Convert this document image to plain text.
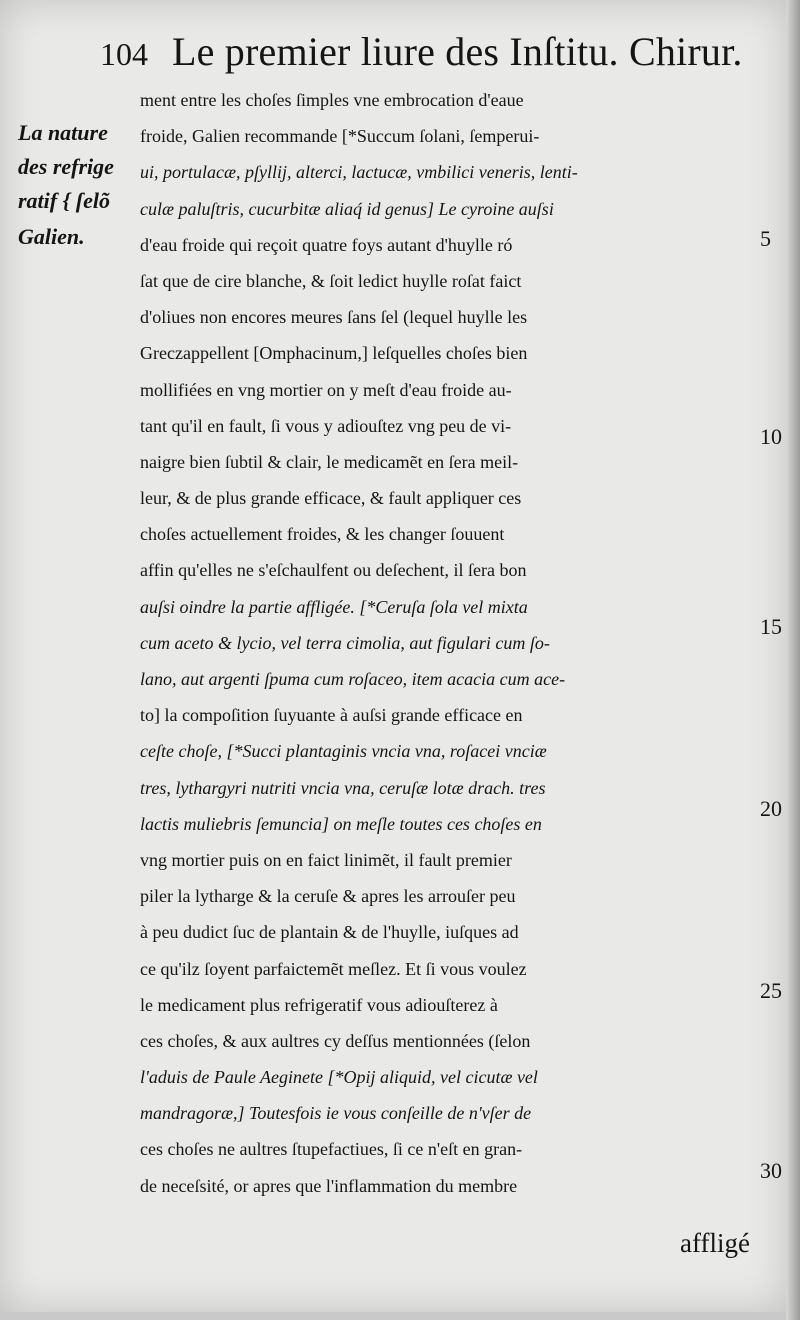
104 Le premier liure des Inſtitu. Chirur.
La nature
des refrige
ratif { ſelõ
Galien.
ment entre les choſes ſimples vne embrocation d'eaue
froide, Galien recommande [*Succum ſolani, ſemperui-
ui, portulacæ, pſyllij, alterci, lactucæ, vmbilici veneris, lenti-
culæ paluſtris, cucurbitæ aliaq́ id genus] Le cyroine auſsi
d'eau froide qui reçoit quatre foys autant d'huylle ró
ſat que de cire blanche, & ſoit ledict huylle roſat faict
d'oliues non encores meures ſans ſel (lequel huylle les
Greczappellent [Omphacinum,] leſquelles choſes bien
mollifiées en vng mortier on y meſt d'eau froide au-
tant qu'il en fault, ſi vous y adiouſtez vng peu de vi-
naigre bien ſubtil & clair, le medicamẽt en ſera meil-
leur, & de plus grande efficace, & fault appliquer ces
choſes actuellement froides, & les changer ſouuent
affin qu'elles ne s'eſchaulfent ou deſechent, il ſera bon
auſsi oindre la partie affligée. [*Ceruſa ſola vel mixta
cum aceto & lycio, vel terra cimolia, aut figulari cum ſo-
lano, aut argenti ſpuma cum roſaceo, item acacia cum ace-
to] la compoſition ſuyuante à auſsi grande efficace en
ceſte choſe, [*Succi plantaginis vncia vna, roſacei vnciæ
tres, lythargyri nutriti vncia vna, ceruſæ lotæ drach. tres
lactis muliebris ſemuncia] on meſle toutes ces choſes en
vng mortier puis on en faict linimẽt, il fault premier
piler la lytharge & la ceruſe & apres les arrouſer peu
à peu dudict ſuc de plantain & de l'huylle, iuſques ad
ce qu'ilz ſoyent parfaictemẽt meſlez. Et ſi vous voulez
le medicament plus refrigeratif vous adiouſterez à
ces choſes, & aux aultres cy deſſus mentionnées (ſelon
l'aduis de Paule Aeginete [*Opij aliquid, vel cicutæ vel
mandragoræ,] Toutesfois ie vous conſeille de n'vſer de
ces choſes ne aultres ſtupefactiues, ſi ce n'eſt en gran-
de neceſsité, or apres que l'inflammation du membre
5
10
15
20
25
30
affligé
